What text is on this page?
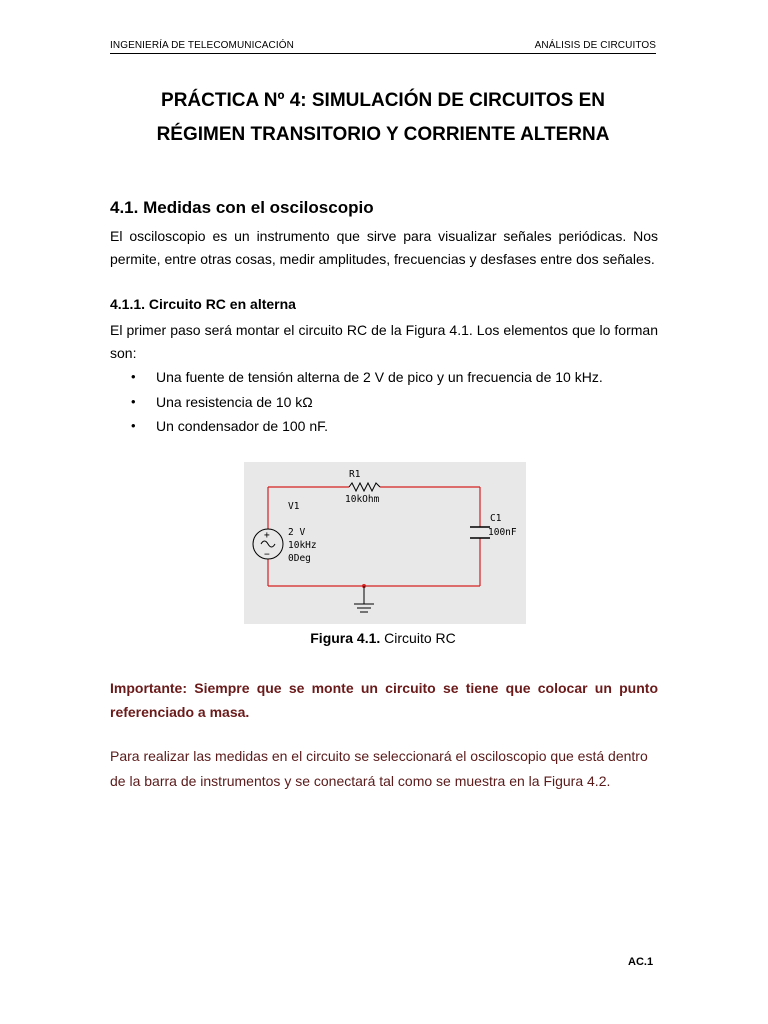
INGENIERÍA DE TELECOMUNICACIÓN	ANÁLISIS DE CIRCUITOS
PRÁCTICA Nº 4: SIMULACIÓN DE CIRCUITOS EN
RÉGIMEN TRANSITORIO Y CORRIENTE ALTERNA
4.1. Medidas con el osciloscopio
El osciloscopio es un instrumento que sirve para visualizar señales periódicas. Nos permite, entre otras cosas, medir amplitudes, frecuencias y desfases entre dos señales.
4.1.1. Circuito RC en alterna
El primer paso será montar el circuito RC de la Figura 4.1. Los elementos que lo forman son:
• Una fuente de tensión alterna de 2 V de pico y un frecuencia de 10 kHz.
• Una resistencia de 10 kΩ
• Un condensador de 100 nF.
+
−
R1
10kOhm
V1
2 V
10kHz
0Deg
C1
100nF
Figura 4.1. Circuito RC
Importante: Siempre que se monte un circuito se tiene que colocar un punto referenciado a masa.
Para realizar las medidas en el circuito se seleccionará el osciloscopio que está dentro de la barra de instrumentos y se conectará tal como se muestra en la Figura 4.2.
AC.1
